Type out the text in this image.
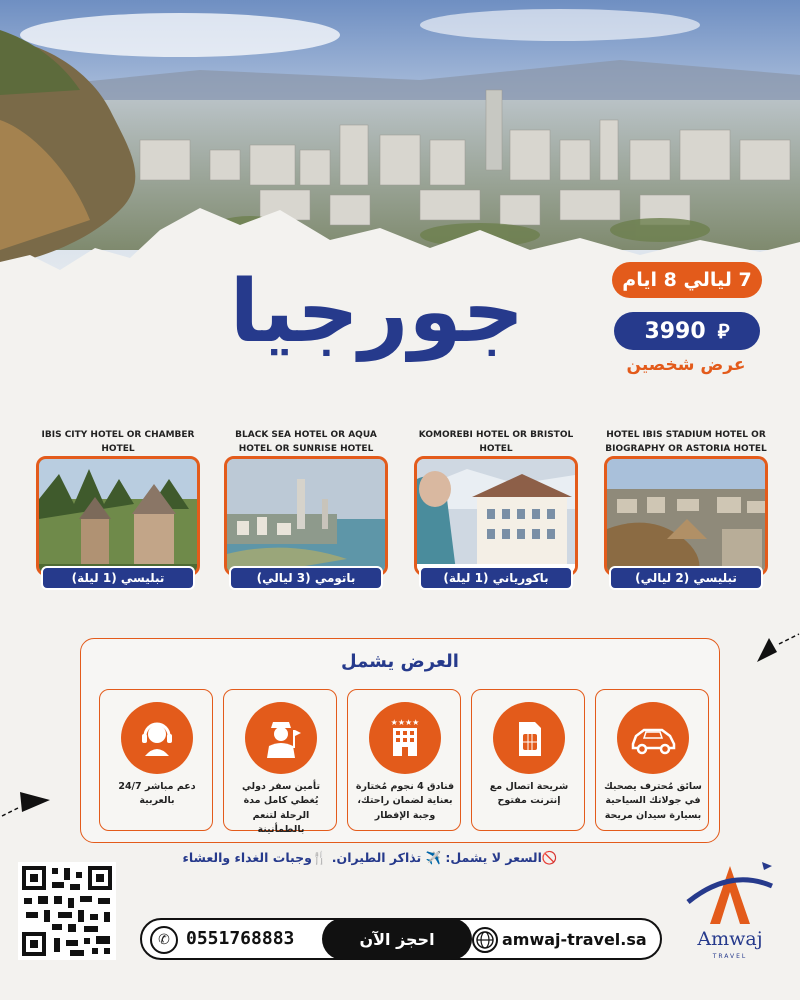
جورجيا	7 ليالي 8 ايام
3990 ⃁
عرض شخصين
IBIS CITY HOTEL OR CHAMBER HOTEL
تبليسي (1 ليلة)
BLACK SEA HOTEL OR AQUA HOTEL OR SUNRISE HOTEL
باتومي (3 ليالي)
KOMOREBI HOTEL OR BRISTOL HOTEL
باكورياني (1 ليلة)
HOTEL IBIS STADIUM HOTEL OR BIOGRAPHY OR ASTORIA HOTEL
تبليسي (2 ليالي)
العرض يشمل
دعم مباشر 24/7 بالعربية
تأمين سفر دولي يُغطي كامل مدة الرحلة لتنعم بالطمأنينة
★★★★
فنادق 4 نجوم مُختارة بعناية لضمان راحتك، وجبة الإفطار
شريحة اتصال مع إنترنت مفتوح
سائق مُحترف يصحبك في جولاتك السياحية بسيارة سيدان مريحة
🚫السعر لا يشمل: ✈️ تذاكر الطيران. 🍴وجبات الغداء والعشاء
✆ 0551768883	احجز الآن	amwaj-travel.sa	Amwaj
TRAVEL
